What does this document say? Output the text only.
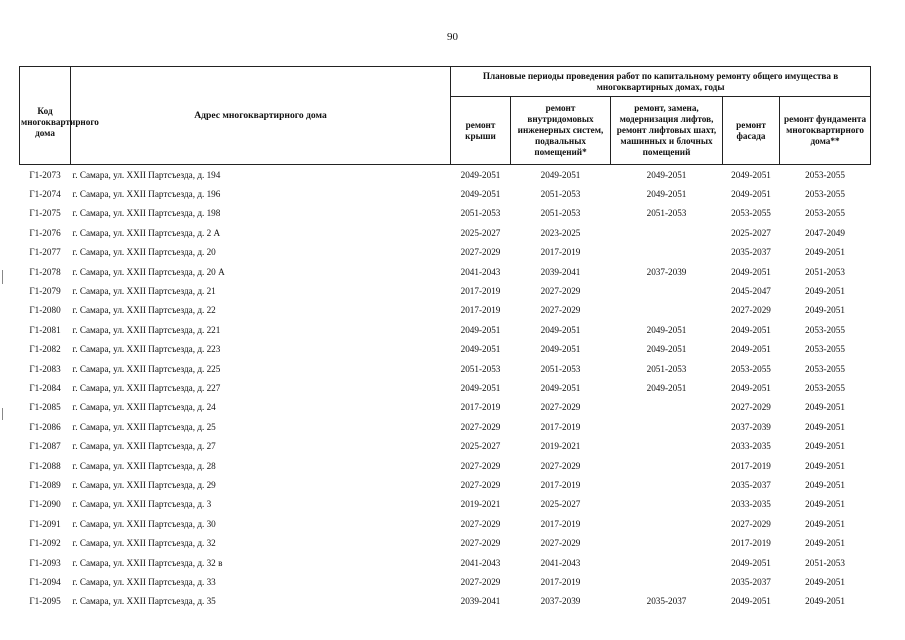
90
Код многоквартирного дома	Адрес многоквартирного дома	Плановые периоды проведения работ по капитальному ремонту общего имущества в многоквартирных домах, годы				
		ремонт крыши	ремонт внутридомовых инженерных систем, подвальных помещений*	ремонт, замена, модернизация лифтов, ремонт лифтовых шахт, машинных и блочных помещений	ремонт фасада	ремонт фундамента многоквартирного дома**
Г1-2073	г. Самара, ул. XXII Партсъезда, д. 194	2049-2051	2049-2051	2049-2051	2049-2051	2053-2055
Г1-2074	г. Самара, ул. XXII Партсъезда, д. 196	2049-2051	2051-2053	2049-2051	2049-2051	2053-2055
Г1-2075	г. Самара, ул. XXII Партсъезда, д. 198	2051-2053	2051-2053	2051-2053	2053-2055	2053-2055
Г1-2076	г. Самара, ул. XXII Партсъезда, д. 2 А	2025-2027	2023-2025		2025-2027	2047-2049
Г1-2077	г. Самара, ул. XXII Партсъезда, д. 20	2027-2029	2017-2019		2035-2037	2049-2051
Г1-2078	г. Самара, ул. XXII Партсъезда, д. 20 А	2041-2043	2039-2041	2037-2039	2049-2051	2051-2053
Г1-2079	г. Самара, ул. XXII Партсъезда, д. 21	2017-2019	2027-2029		2045-2047	2049-2051
Г1-2080	г. Самара, ул. XXII Партсъезда, д. 22	2017-2019	2027-2029		2027-2029	2049-2051
Г1-2081	г. Самара, ул. XXII Партсъезда, д. 221	2049-2051	2049-2051	2049-2051	2049-2051	2053-2055
Г1-2082	г. Самара, ул. XXII Партсъезда, д. 223	2049-2051	2049-2051	2049-2051	2049-2051	2053-2055
Г1-2083	г. Самара, ул. XXII Партсъезда, д. 225	2051-2053	2051-2053	2051-2053	2053-2055	2053-2055
Г1-2084	г. Самара, ул. XXII Партсъезда, д. 227	2049-2051	2049-2051	2049-2051	2049-2051	2053-2055
Г1-2085	г. Самара, ул. XXII Партсъезда, д. 24	2017-2019	2027-2029		2027-2029	2049-2051
Г1-2086	г. Самара, ул. XXII Партсъезда, д. 25	2027-2029	2017-2019		2037-2039	2049-2051
Г1-2087	г. Самара, ул. XXII Партсъезда, д. 27	2025-2027	2019-2021		2033-2035	2049-2051
Г1-2088	г. Самара, ул. XXII Партсъезда, д. 28	2027-2029	2027-2029		2017-2019	2049-2051
Г1-2089	г. Самара, ул. XXII Партсъезда, д. 29	2027-2029	2017-2019		2035-2037	2049-2051
Г1-2090	г. Самара, ул. XXII Партсъезда, д. 3	2019-2021	2025-2027		2033-2035	2049-2051
Г1-2091	г. Самара, ул. XXII Партсъезда, д. 30	2027-2029	2017-2019		2027-2029	2049-2051
Г1-2092	г. Самара, ул. XXII Партсъезда, д. 32	2027-2029	2027-2029		2017-2019	2049-2051
Г1-2093	г. Самара, ул. XXII Партсъезда, д. 32 в	2041-2043	2041-2043		2049-2051	2051-2053
Г1-2094	г. Самара, ул. XXII Партсъезда, д. 33	2027-2029	2017-2019		2035-2037	2049-2051
Г1-2095	г. Самара, ул. XXII Партсъезда, д. 35	2039-2041	2037-2039	2035-2037	2049-2051	2049-2051
